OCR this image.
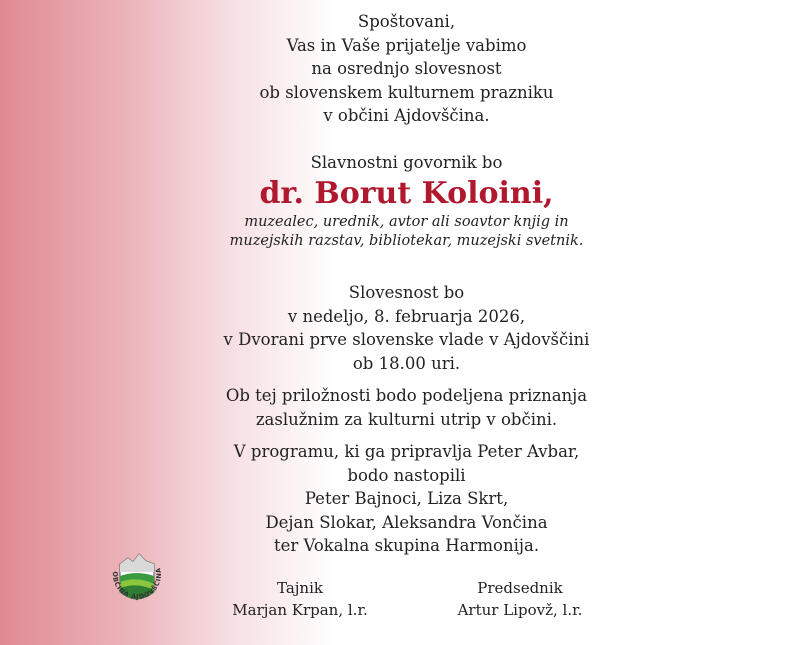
Spoštovani,

Vas in Vaše prijatelje vabimo

na osrednjo slovesnost

ob slovenskem kulturnem prazniku

v občini Ajdovščina.

Slavnostni govornik bo

dr. Borut Koloini,
muzealec, urednik, avtor ali soavtor knjig in
muzejskih razstav, bibliotekar, muzejski svetnik.

Slovesnost bo

v nedeljo, 8. februarja 2026,

v Dvorani prve slovenske vlade v Ajdovščini

ob 18.00 uri.

Ob tej priložnosti bodo podeljena priznanja

zaslužnim za kulturni utrip v občini.

V programu, ki ga pripravlja Peter Avbar,

bodo nastopili

Peter Bajnoci, Liza Skrt,

Dejan Slokar, Aleksandra Vončina

ter Vokalna skupina Harmonija.

Tajnik
Marjan Krpan, l.r.
Predsednik
Artur Lipovž, l.r.
OBČINA AJDOVŠČINA
